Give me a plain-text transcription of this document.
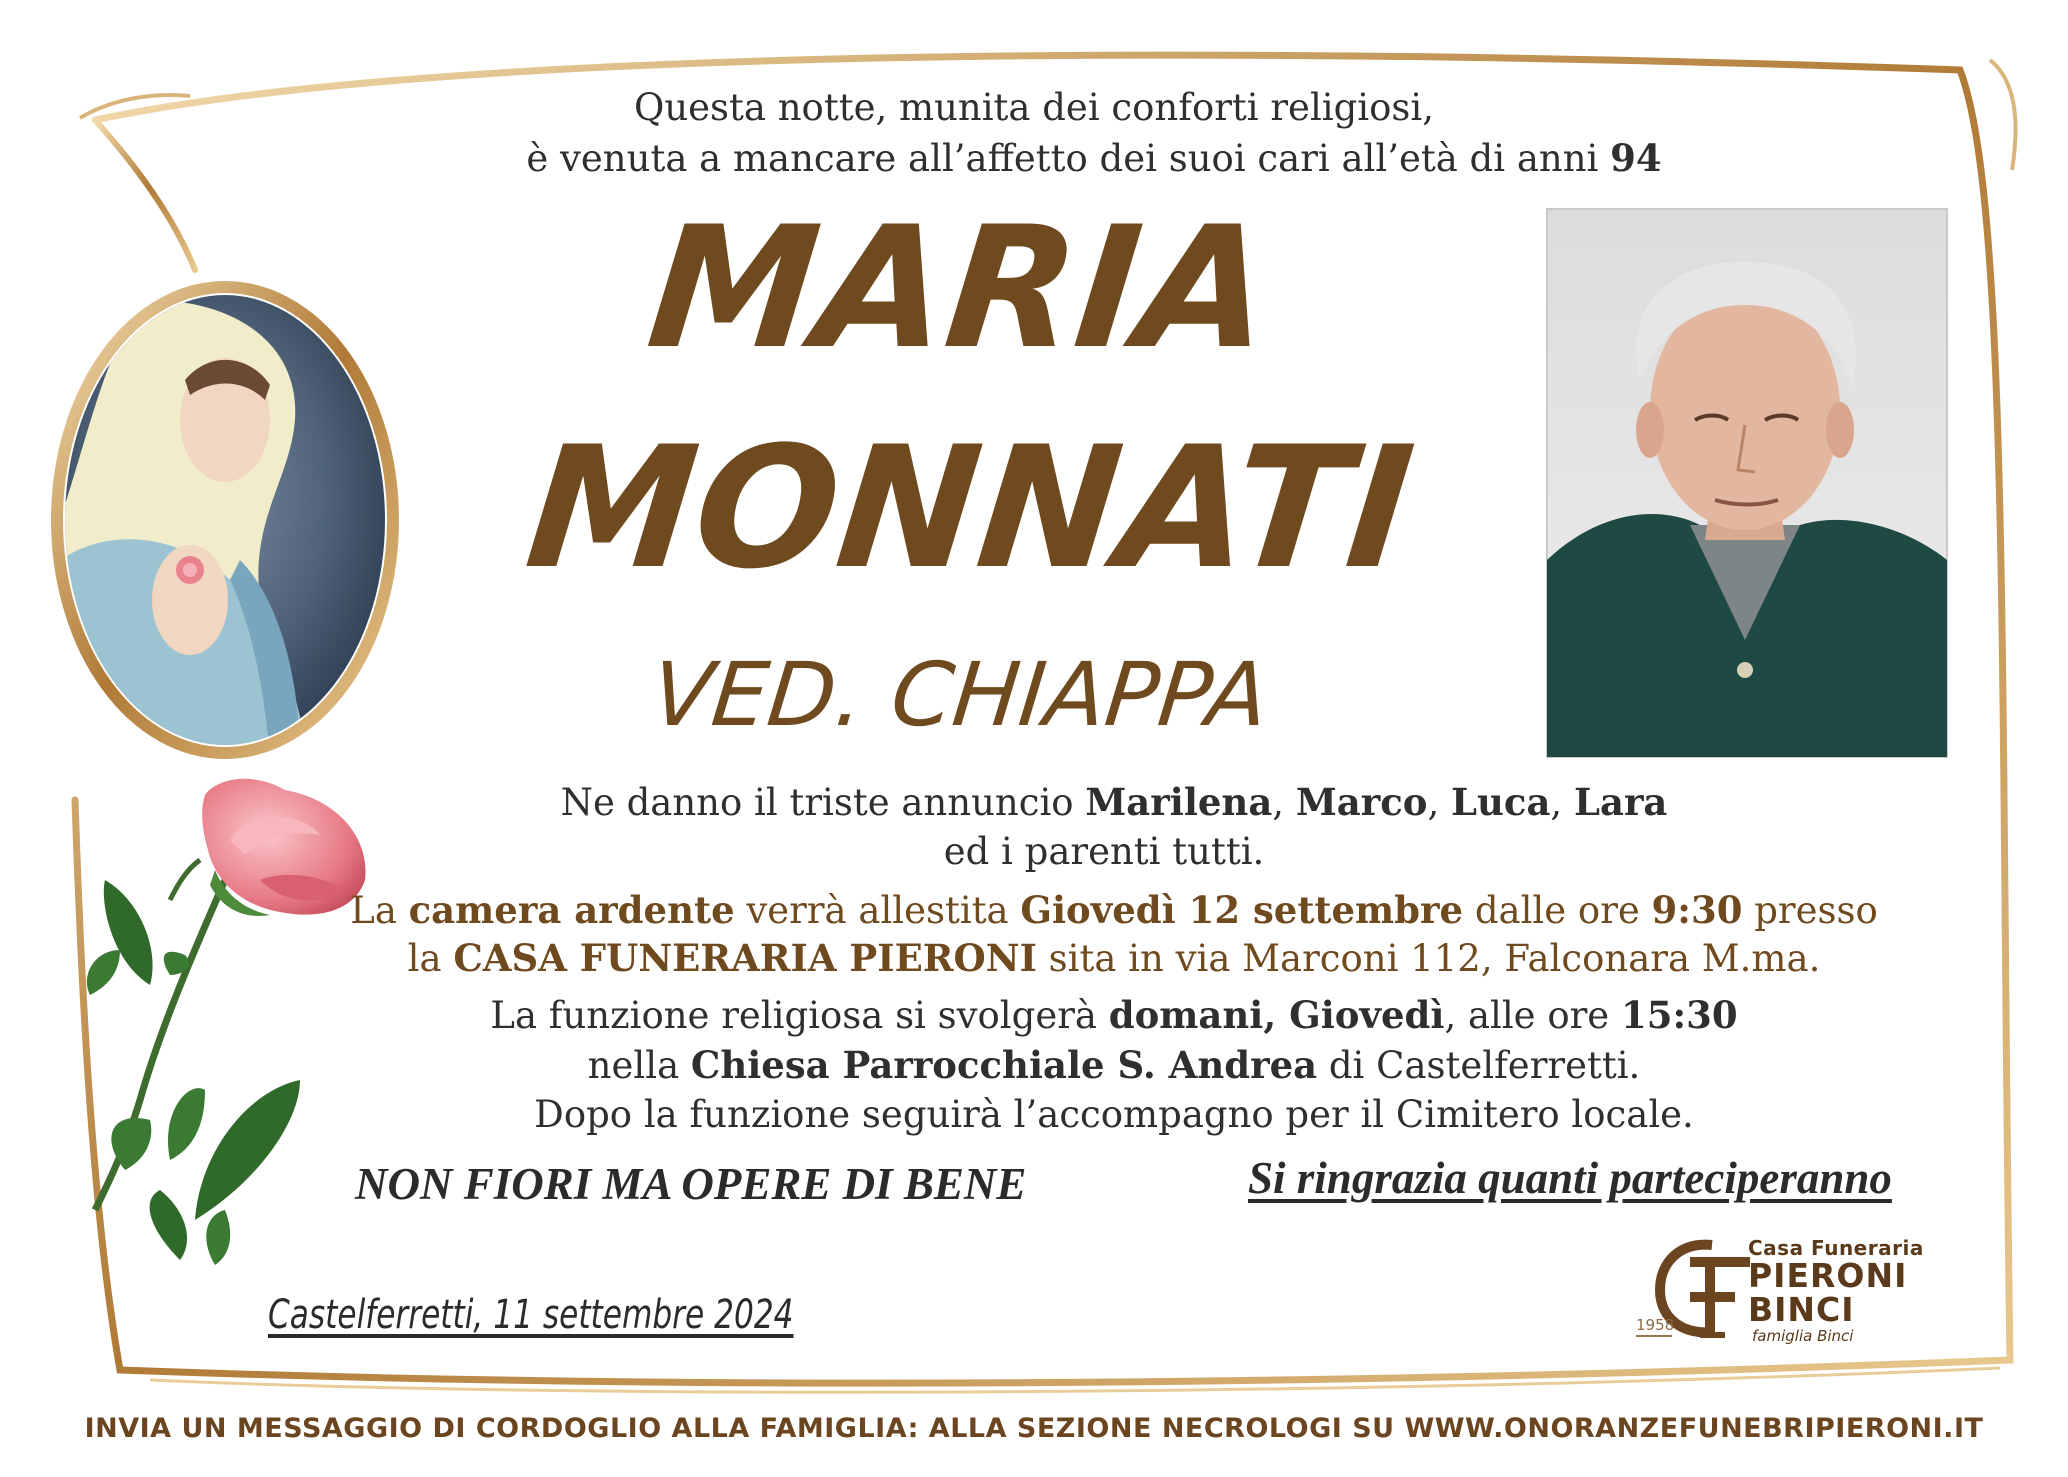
Questa notte, munita dei conforti religiosi,
è venuta a mancare all’affetto dei suoi cari all’età di anni 94
MARIA
MONNATI
VED. CHIAPPA
Ne danno il triste annuncio Marilena, Marco, Luca, Lara
ed i parenti tutti.
La camera ardente verrà allestita Giovedì 12 settembre dalle ore 9:30 presso
la CASA FUNERARIA PIERONI sita in via Marconi 112, Falconara M.ma.
La funzione religiosa si svolgerà domani, Giovedì, alle ore 15:30
nella Chiesa Parrocchiale S. Andrea di Castelferretti.
Dopo la funzione seguirà l’accompagno per il Cimitero locale.
NON FIORI MA OPERE DI BENE	Si ringrazia quanti parteciperanno
Castelferretti, 11 settembre 2024
Casa Funeraria
PIERONI
BINCI
famiglia Binci
1958
INVIA UN MESSAGGIO DI CORDOGLIO ALLA FAMIGLIA: ALLA SEZIONE NECROLOGI SU WWW.ONORANZEFUNEBRIPIERONI.IT
